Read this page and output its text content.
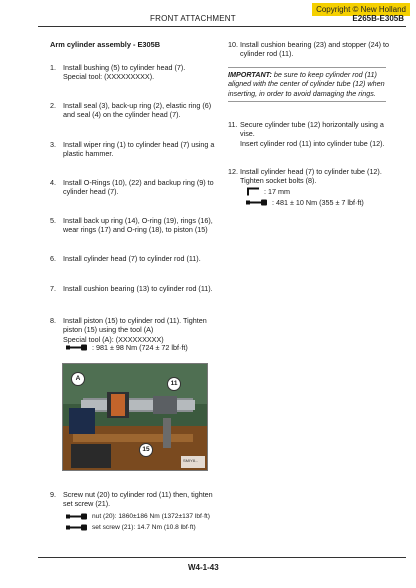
Copyright © New Holland
FRONT ATTACHMENT	E265B-E305B
Arm cylinder assembly - E305B
1. Install bushing (5) to cylinder head (7).
Special tool: (XXXXXXXXX).
2. Install seal (3), back-up ring (2), elastic ring (6)
and seal (4) on the cylinder head (7).
3. Install wiper ring (1) to cylinder head (7) using a
plastic hammer.
4. Install O-Rings (10), (22) and backup ring (9) to
cylinder head (7).
5. Install back up ring (14), O-ring (19), rings (16),
wear rings (17) and O-ring (18), to piston (15)
6. Install cylinder head (7) to cylinder rod (11).
7. Install cushion bearing (13) to cylinder rod (11).
8. Install piston (15) to cylinder rod (11). Tighten
piston (15) using the tool (A)
Special tool (A): (XXXXXXXXX)
: 981 ± 98 Nm (724 ± 72 lbf·ft)
A
11
15
SMIY8...
9. Screw nut (20) to cylinder rod (11) then, tighten
set screw (21).
nut (20): 1860±186 Nm (1372±137 lbf·ft)
set screw (21): 14.7 Nm (10.8 lbf·ft)
10. Install cushion bearing (23) and stopper (24) to
cylinder rod (11).
IMPORTANT: be sure to keep cylinder rod (11) aligned with the center of cylinder tube (12) when inserting, in order to avoid damaging the rings.
11. Secure cylinder tube (12) horizontally using a
vise.
Insert cylinder rod (11) into cylinder tube (12).
12. Install cylinder head (7) to cylinder tube (12).
Tighten socket bolts (8).
: 17 mm
: 481 ± 10 Nm (355 ± 7 lbf·ft)
W4-1-43
